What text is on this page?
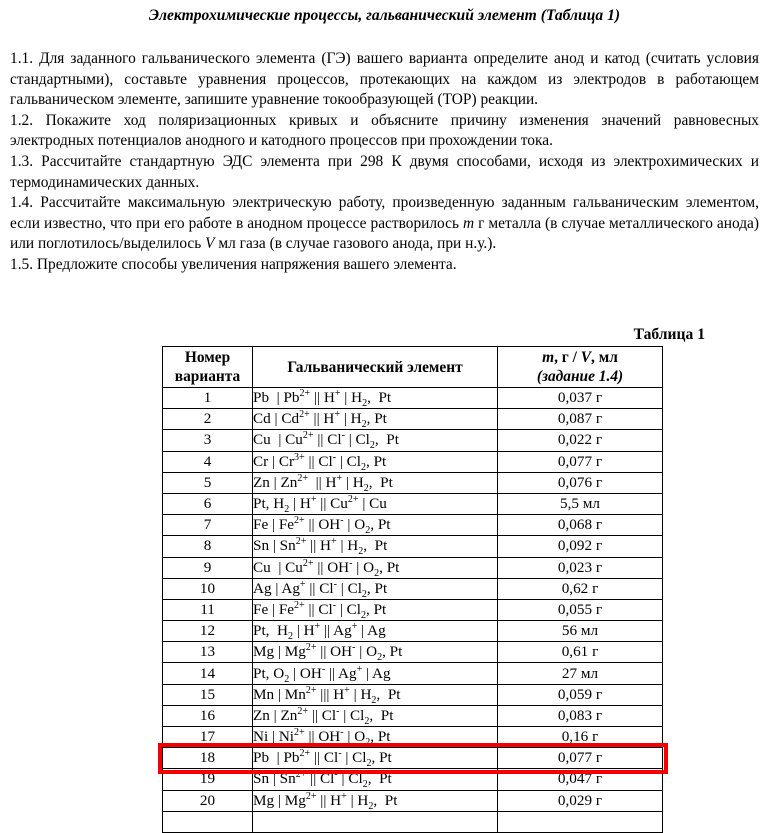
Электрохимические процессы, гальванический элемент (Таблица 1)

1.1. Для заданного гальванического элемента (ГЭ) вашего варианта определите анод и катод (считать условия стандартными), составьте уравнения процессов, протекающих на каждом из электродов в работающем гальваническом элементе, запишите уравнение токообразующей (ТОР) реакции.

1.2. Покажите ход поляризационных кривых и объясните причину изменения значений равновесных электродных потенциалов анодного и катодного процессов при прохождении тока.

1.3. Рассчитайте стандартную ЭДС элемента при 298 К двумя способами, исходя из электрохимических и термодинамических данных.

1.4. Рассчитайте максимальную электрическую работу, произведенную заданным гальваническим элементом, если известно, что при его работе в анодном процессе растворилось m г металла (в случае металлического анода) или поглотилось/выделилось V мл газа (в случае газового анода, при н.у.).

1.5. Предложите способы увеличения напряжения вашего элемента.

Таблица 1
Номер варианта	Гальванический элемент	m, г / V, мл
(задание 1.4)

1	Pb  | $Pb^{2+}$ || H+ | $H_2$,  Pt	0,037 г
2	Cd | $Cd^{2+}$ || H+ | $H_2$, Pt	0,087 г
3	Cu  | $Cu^{2+}$ || Cl- | $Cl_2$,  Pt	0,022 г
4	Cr | $Cr^{3+}$ || Cl- | $Cl_2$, Pt	0,077 г
5	Zn | $Zn^{2+}$  || H+ | $H_2$,  Pt	0,076 г
6	Pt, $H_2$ | H+ || $Cu^{2+}$ | Cu	5,5 мл
7	Fe | $Fe^{2+}$ || OH- | $O_2$, Pt	0,068 г
8	Sn | $Sn^{2+}$ || H+ | $H_2$,  Pt	0,092 г
9	Cu  | $Cu^{2+}$ || OH- | $O_2$, Pt	0,023 г
10	Ag | Ag+ || Cl- | $Cl_2$, Pt	0,62 г
11	Fe | $Fe^{2+}$ || Cl- | $Cl_2$, Pt	0,055 г
12	Pt,  $H_2$ | H+ || Ag+ | Ag	56 мл
13	Mg | $Mg^{2+}$ || OH- | $O_2$, Pt	0,61 г
14	Pt, $O_2$ | OH- || Ag+ | Ag	27 мл
15	Mn | $Mn^{2+}$ ||| H+ | $H_2$,  Pt	0,059 г
16	Zn | $Zn^{2+}$ || Cl- | $Cl_2$,  Pt	0,083 г
17	Ni | $Ni^{2+}$ || OH- | $O_2$, Pt	0,16 г
18	Pb  | $Pb^{2+}$ || Cl- | $Cl_2$, Pt	0,077 г
19	Sn | $Sn^{2+}$ || Cl- | $Cl_2$,  Pt	0,047 г
20	Mg | $Mg^{2+}$ || H+ | $H_2$,  Pt	0,029 г
